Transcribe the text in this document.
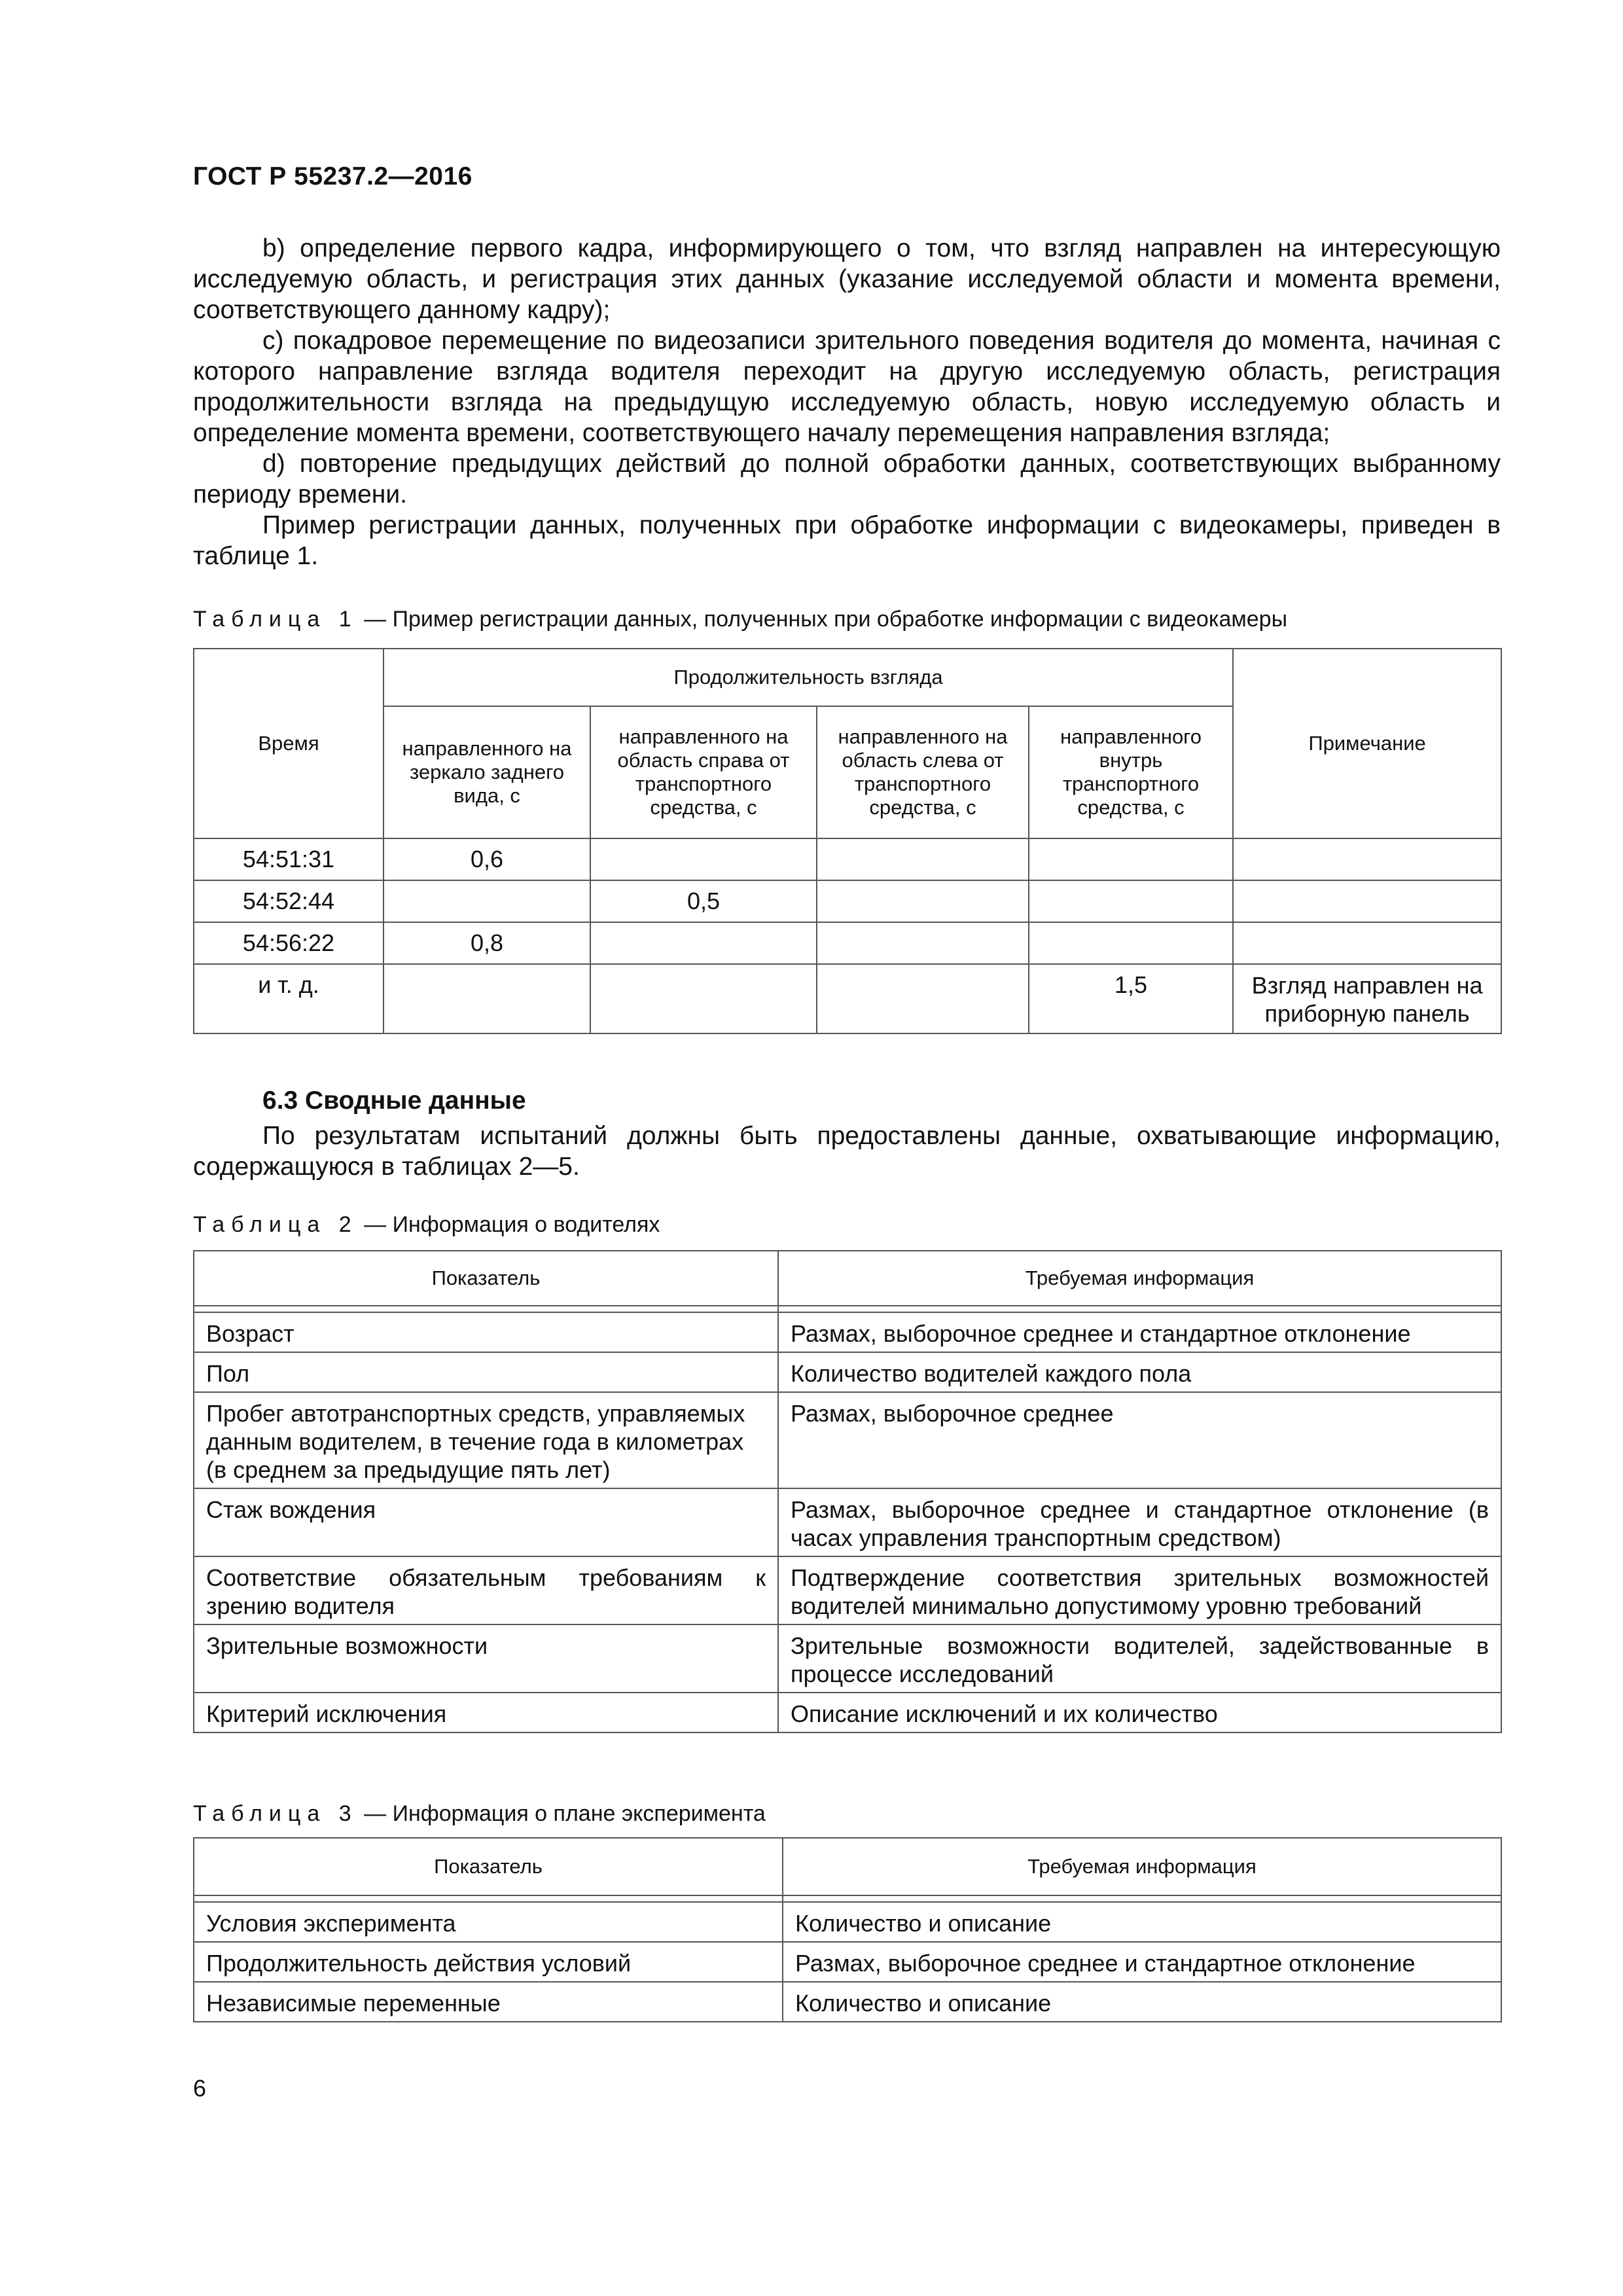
ГОСТ Р 55237.2—2016

b) определение первого кадра, информирующего о том, что взгляд направлен на интересующую исследуемую область, и регистрация этих данных (указание исследуемой области и момента времени, соответствующего данному кадру);

c) покадровое перемещение по видеозаписи зрительного поведения водителя до момента, начиная с которого направление взгляда водителя переходит на другую исследуемую область, регистрация продолжительности взгляда на предыдущую исследуемую область, новую исследуемую область и определение момента времени, соответствующего началу перемещения направления взгляда;

d) повторение предыдущих действий до полной обработки данных, соответствующих выбранному периоду времени.

Пример регистрации данных, полученных при обработке информации с видеокамеры, приведен в таблице 1.

Таблица 1 — Пример регистрации данных, полученных при обработке информации с видеокамеры
Время	Продолжительность взгляда				Примечание
	направленного на зеркало заднего вида, с	направленного на область справа от транспортного средства, с	направленного на область слева от транспортного средства, с	направленного внутрь транспортного средства, с	
54:51:31	0,6				
54:52:44		0,5			
54:56:22	0,8				
и т. д.				1,5	Взгляд направлен на приборную панель
6.3 Сводные данные

По результатам испытаний должны быть предоставлены данные, охватывающие информацию, содержащуюся в таблицах 2—5.

Таблица 2 — Информация о водителях
Показатель	Требуемая информация

Возраст	Размах, выборочное среднее и стандартное отклонение
Пол	Количество водителей каждого пола
Пробег автотранспортных средств, управляемых данным водителем, в течение года в километрах (в среднем за предыдущие пять лет)	Размах, выборочное среднее
Стаж вождения	Размах, выборочное среднее и стандартное отклонение (в часах управления транспортным средством)
Соответствие обязательным требованиям к зрению водителя	Подтверждение соответствия зрительных возможностей водителей минимально допустимому уровню требований
Зрительные возможности	Зрительные возможности водителей, задействованные в процессе исследований
Критерий исключения	Описание исключений и их количество
Таблица 3 — Информация о плане эксперимента
Показатель	Требуемая информация

Условия эксперимента	Количество и описание
Продолжительность действия условий	Размах, выборочное среднее и стандартное отклонение
Независимые переменные	Количество и описание
6
